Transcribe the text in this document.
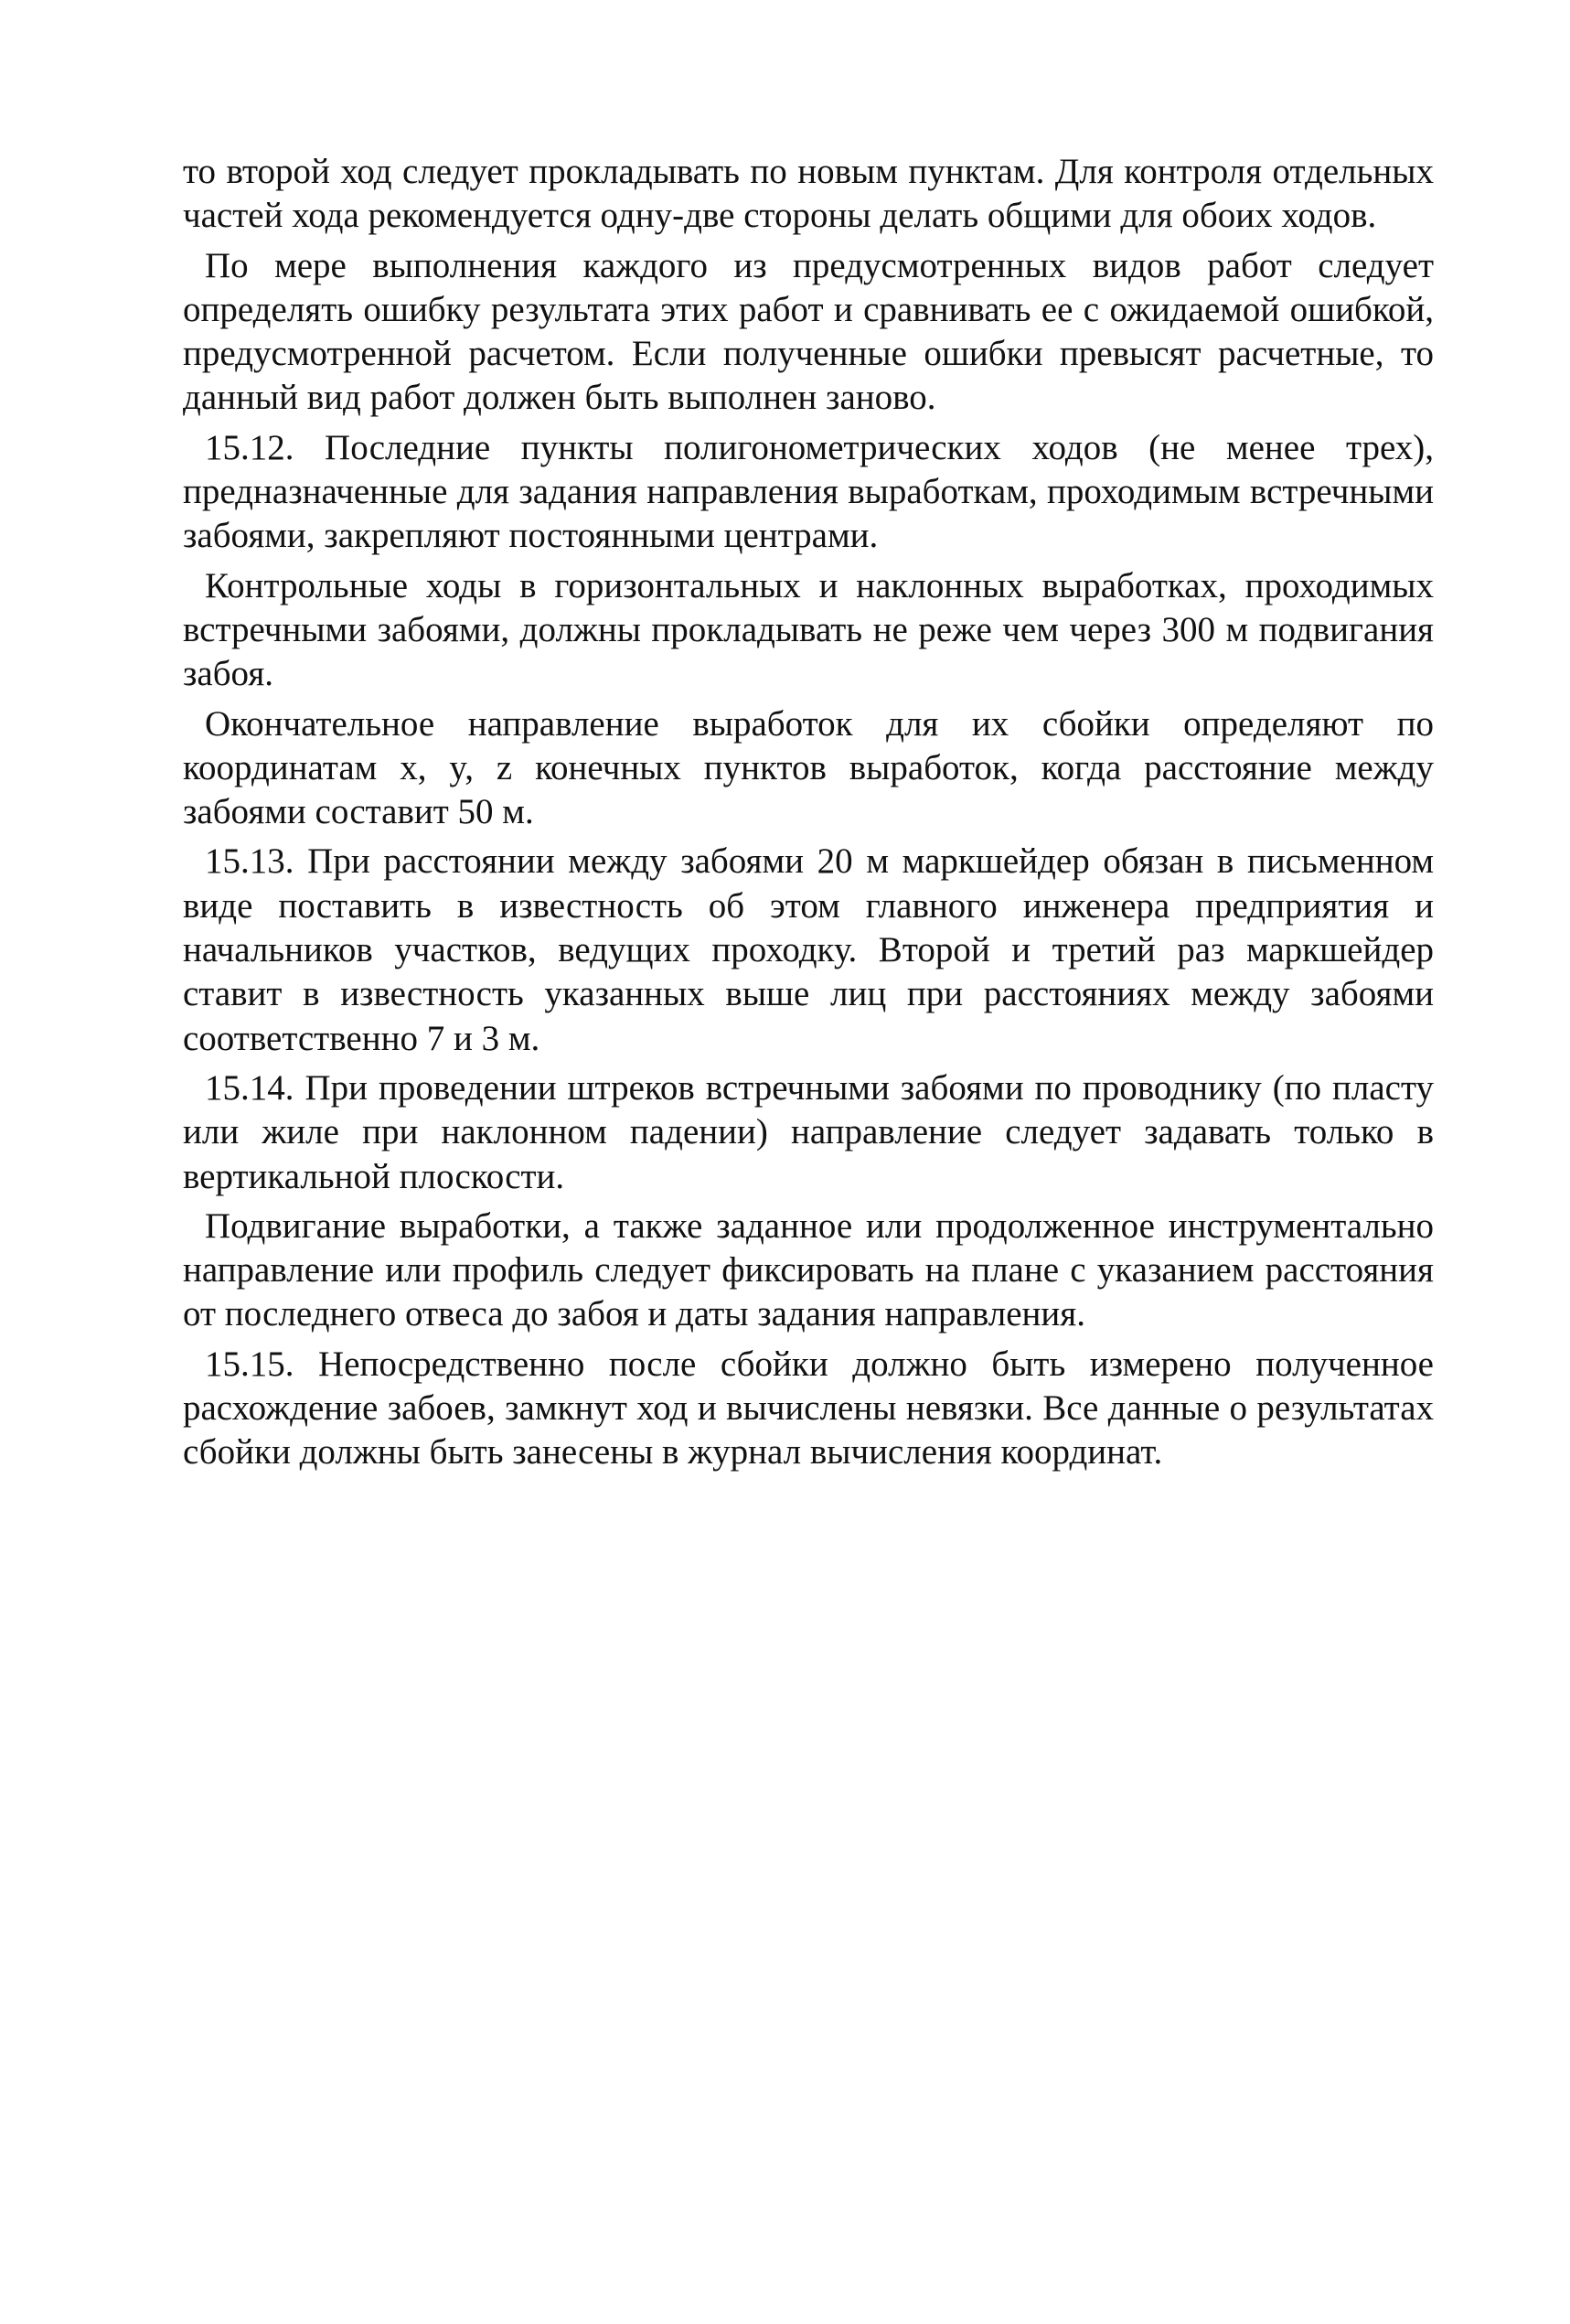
то второй ход следует прокладывать по новым пунктам. Для контроля отдельных частей хода рекомендуется одну-две стороны делать общими для обоих ходов.

По мере выполнения каждого из предусмотренных видов работ следует определять ошибку результата этих работ и сравнивать ее с ожидаемой ошибкой, предусмотренной расчетом. Если полученные ошибки превысят расчетные, то данный вид работ должен быть выполнен заново.

15.12. Последние пункты полигонометрических ходов (не менее трех), предназначенные для задания направления выработкам, проходимым встречными забоями, закрепляют постоянными центрами.

Контрольные ходы в горизонтальных и наклонных выработках, проходимых встречными забоями, должны прокладывать не реже чем через 300 м подвигания забоя.

Окончательное направление выработок для их сбойки определяют по координатам x, y, z конечных пунктов выработок, когда расстояние между забоями составит 50 м.

15.13. При расстоянии между забоями 20 м маркшейдер обязан в письменном виде поставить в известность об этом главного инженера предприятия и начальников участков, ведущих проходку. Второй и третий раз маркшейдер ставит в известность указанных выше лиц при расстояниях между забоями соответственно 7 и 3 м.

15.14. При проведении штреков встречными забоями по проводнику (по пласту или жиле при наклонном падении) направление следует задавать только в вертикальной плоскости.

Подвигание выработки, а также заданное или продолженное инструментально направление или профиль следует фиксировать на плане с указанием расстояния от последнего отвеса до забоя и даты задания направления.

15.15. Непосредственно после сбойки должно быть измерено полученное расхождение забоев, замкнут ход и вычислены невязки. Все данные о результатах сбойки должны быть занесены в журнал вычисления координат.
